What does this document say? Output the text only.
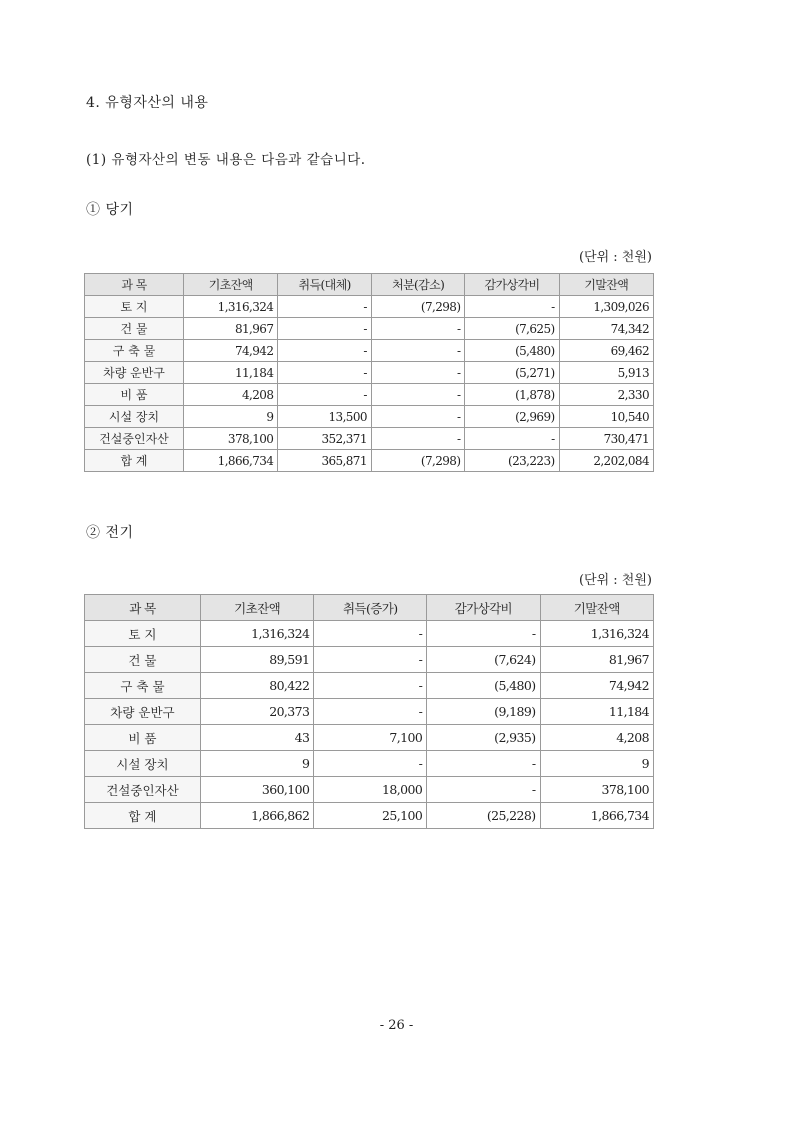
4. 유형자산의 내용
(1) 유형자산의 변동 내용은 다음과 같습니다.
① 당기
(단위 : 천원)
과 목	기초잔액	취득(대체)	처분(감소)	감가상각비	기말잔액
토 지	1,316,324	-	(7,298)	-	1,309,026
건 물	81,967	-	-	(7,625)	74,342
구 축 물	74,942	-	-	(5,480)	69,462
차량 운반구	11,184	-	-	(5,271)	5,913
비 품	4,208	-	-	(1,878)	2,330
시설 장치	9	13,500	-	(2,969)	10,540
건설중인자산	378,100	352,371	-	-	730,471
합 계	1,866,734	365,871	(7,298)	(23,223)	2,202,084
② 전기
(단위 : 천원)
과 목	기초잔액	취득(증가)	감가상각비	기말잔액
토 지	1,316,324	-	-	1,316,324
건 물	89,591	-	(7,624)	81,967
구 축 물	80,422	-	(5,480)	74,942
차량 운반구	20,373	-	(9,189)	11,184
비 품	43	7,100	(2,935)	4,208
시설 장치	9	-	-	9
건설중인자산	360,100	18,000	-	378,100
합 계	1,866,862	25,100	(25,228)	1,866,734
- 26 -
